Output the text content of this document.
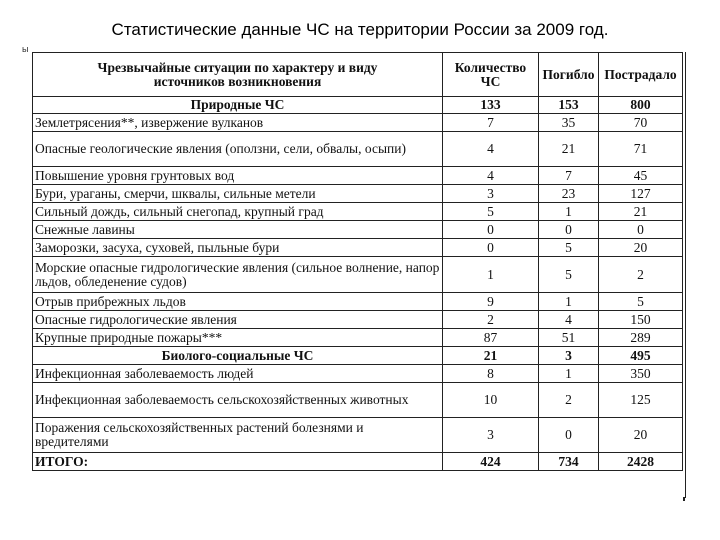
Статистические данные ЧС на территории России за 2009 год.
ы
Чрезвычайные ситуации по характеру и виду источников возникновения	Количество ЧС	Погибло	Пострадало
Природные ЧС	133	153	800
Землетрясения**, извержение вулканов	7	35	70
Опасные геологические явления (оползни, сели, обвалы, осыпи)	4	21	71
Повышение уровня грунтовых вод	4	7	45
Бури, ураганы, смерчи, шквалы, сильные метели	3	23	127
Сильный дождь, сильный снегопад, крупный град	5	1	21
Снежные лавины	0	0	0
Заморозки, засуха, суховей, пыльные бури	0	5	20
Морские опасные гидрологические явления (сильное волнение, напор льдов, обледенение судов)	1	5	2
Отрыв прибрежных льдов	9	1	5
Опасные гидрологические явления	2	4	150
Крупные природные пожары***	87	51	289
Биолого-социальные ЧС	21	3	495
Инфекционная заболеваемость людей	8	1	350
Инфекционная заболеваемость сельскохозяйственных животных	10	2	125
Поражения сельскохозяйственных растений болезнями и вредителями	3	0	20
ИТОГО:	424	734	2428
